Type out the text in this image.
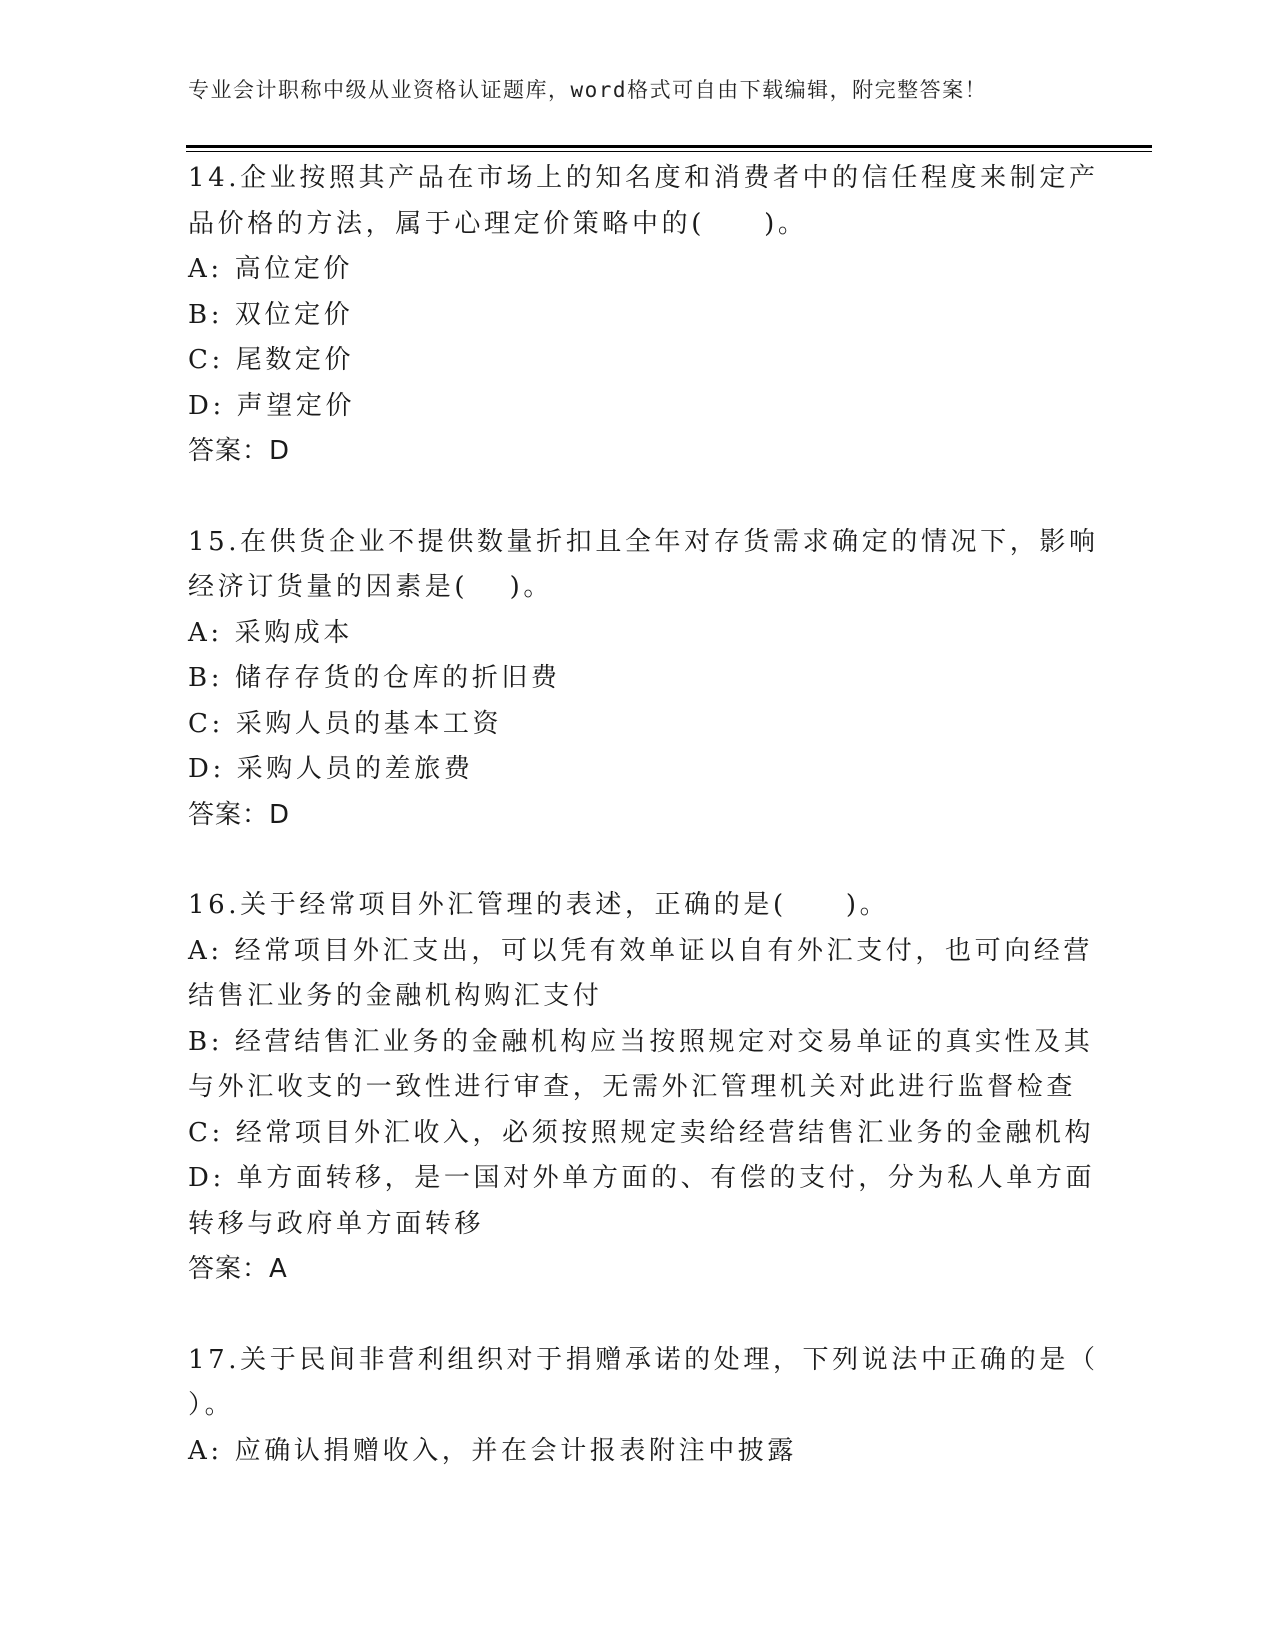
专业会计职称中级从业资格认证题库，word格式可自由下载编辑，附完整答案！
14.企业按照其产品在市场上的知名度和消费者中的信任程度来制定产
品价格的方法，属于心理定价策略中的(　　)。
A: 高位定价
B: 双位定价
C: 尾数定价
D: 声望定价
答案：D
15.在供货企业不提供数量折扣且全年对存货需求确定的情况下，影响
经济订货量的因素是(　 )。
A: 采购成本
B: 储存存货的仓库的折旧费
C: 采购人员的基本工资
D: 采购人员的差旅费
答案：D
16.关于经常项目外汇管理的表述，正确的是(　　)。
A: 经常项目外汇支出，可以凭有效单证以自有外汇支付，也可向经营
结售汇业务的金融机构购汇支付
B: 经营结售汇业务的金融机构应当按照规定对交易单证的真实性及其
与外汇收支的一致性进行审查，无需外汇管理机关对此进行监督检查
C: 经常项目外汇收入，必须按照规定卖给经营结售汇业务的金融机构
D: 单方面转移，是一国对外单方面的、有偿的支付，分为私人单方面
转移与政府单方面转移
答案：A
17.关于民间非营利组织对于捐赠承诺的处理，下列说法中正确的是（
）。
A: 应确认捐赠收入，并在会计报表附注中披露
